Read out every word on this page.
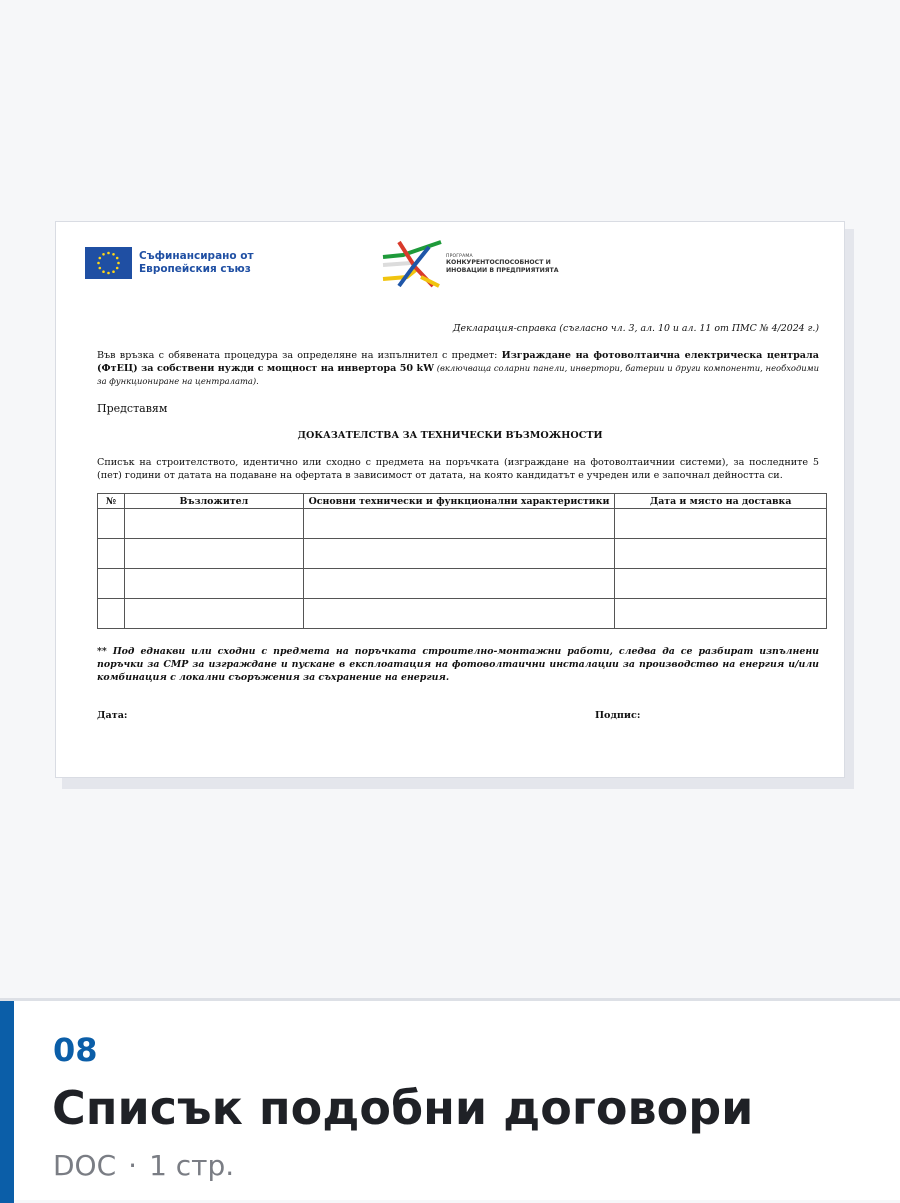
Съфинансирано от
Европейския съюз
ПРОГРАМА
КОНКУРЕНТОСПОСОБНОСТ И
ИНОВАЦИИ В ПРЕДПРИЯТИЯТА
Декларация-справка (съгласно чл. 3, ал. 10 и ал. 11 от ПМС № 4/2024 г.)
Във връзка с обявената процедура за определяне на изпълнител с предмет: Изграждане на фотоволтаична електрическа централа (ФтЕЦ) за собствени нужди с мощност на инвертора 50 kW (включваща соларни панели, инвертори, батерии и други компоненти, необходими за функциониране на централата).
Представям
ДОКАЗАТЕЛСТВА ЗА ТЕХНИЧЕСКИ ВЪЗМОЖНОСТИ
Списък на строителството, идентично или сходно с предмета на поръчката (изграждане на фотоволтаичнии системи), за последните 5 (пет) години от датата на подаване на офертата в зависимост от датата, на която кандидатът е учреден или е започнал дейността си.
№	Възложител	Основни технически и функционални характеристики	Дата и място на доставка

** Под еднакви или сходни с предмета на поръчката строително-монтажни работи, следва да се разбират изпълнени поръчки за СМР за изграждане и пускане в експлоатация на фотоволтаични инсталации за производство на енергия и/или комбинация с локални съоръжения за съхранение на енергия.
Дата:	Подпис:
08
Списък подобни договори
DOC · 1 стр.
